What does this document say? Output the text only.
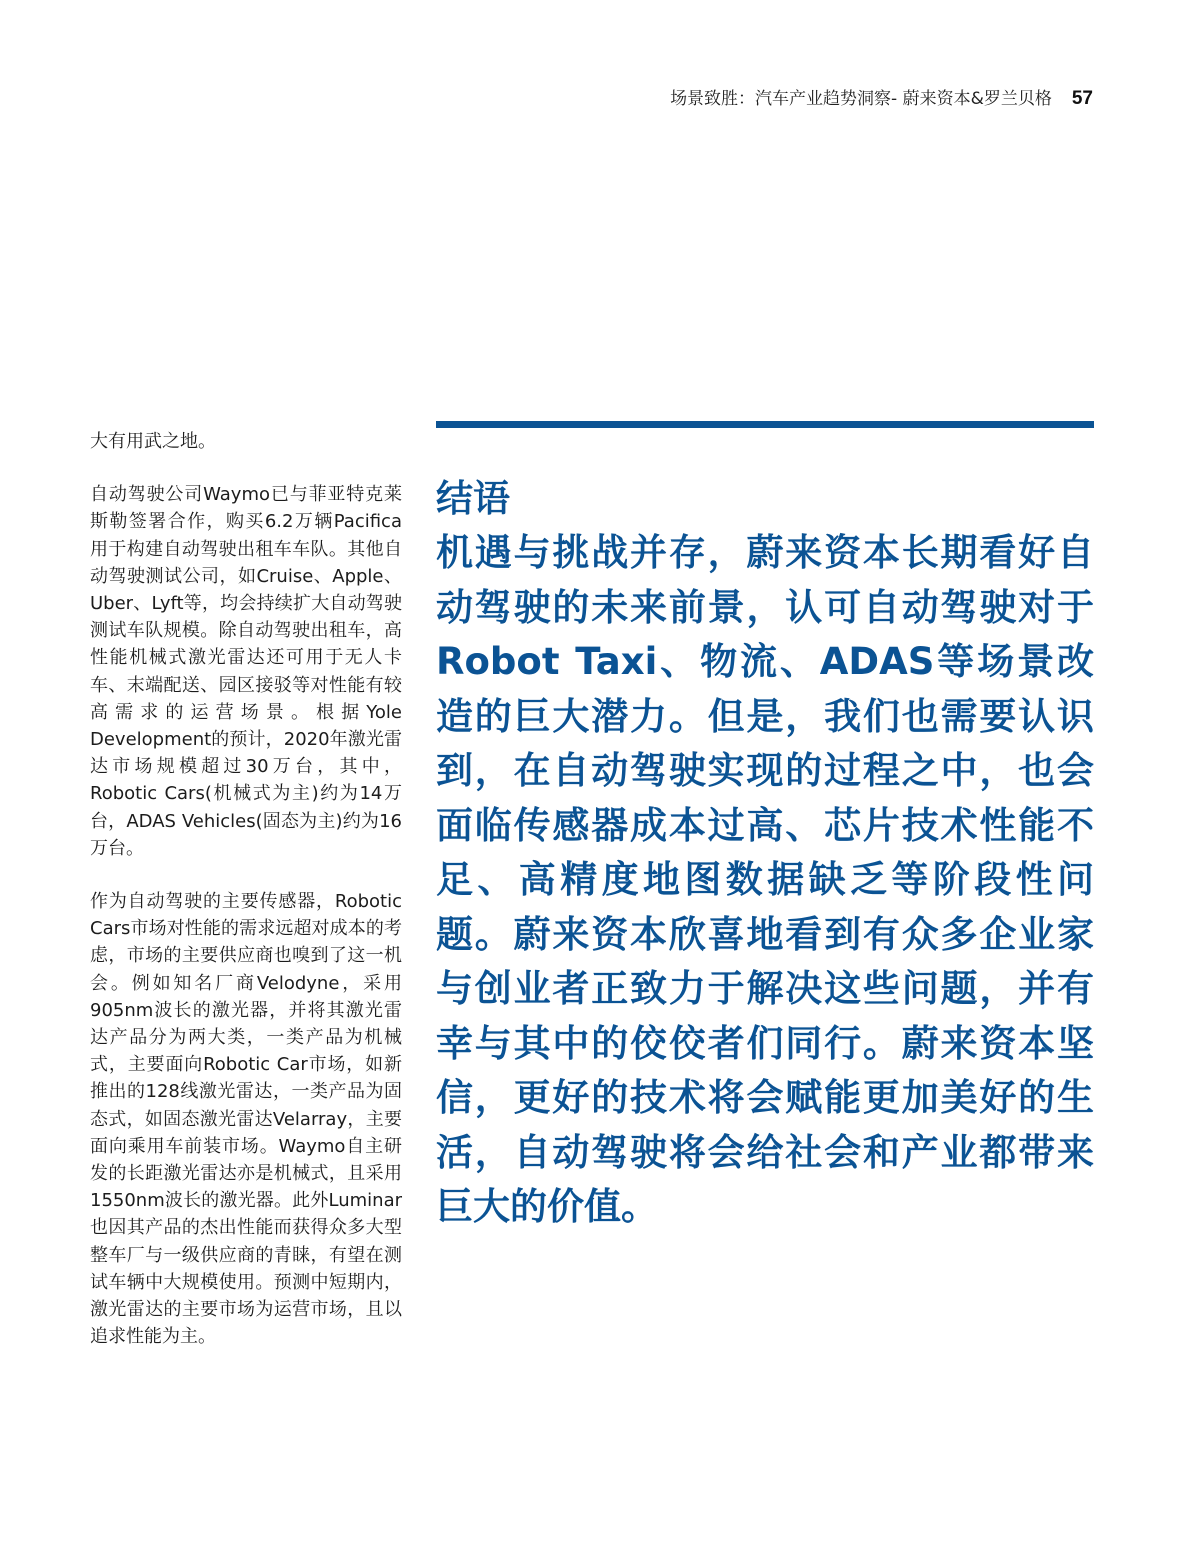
场景致胜：汽车产业趋势洞察- 蔚来资本&罗兰贝格 57

大有用武之地。

自动驾驶公司Waymo已与菲亚特克莱斯勒签署合作，购买6.2万辆Pacifica用于构建自动驾驶出租车车队。其他自动驾驶测试公司，如Cruise、Apple、Uber、Lyft等，均会持续扩大自动驾驶测试车队规模。除自动驾驶出租车，高性能机械式激光雷达还可用于无人卡车、末端配送、园区接驳等对性能有较高需求的运营场景。根据Yole Development的预计，2020年激光雷达市场规模超过30万台，其中，Robotic Cars(机械式为主)约为14万台，ADAS Vehicles(固态为主)约为16万台。

作为自动驾驶的主要传感器，Robotic Cars市场对性能的需求远超对成本的考虑，市场的主要供应商也嗅到了这一机会。例如知名厂商Velodyne，采用905nm波长的激光器，并将其激光雷达产品分为两大类，一类产品为机械式，主要面向Robotic Car市场，如新推出的128线激光雷达，一类产品为固态式，如固态激光雷达Velarray，主要面向乘用车前装市场。Waymo自主研发的长距激光雷达亦是机械式，且采用1550nm波长的激光器。此外Luminar也因其产品的杰出性能而获得众多大型整车厂与一级供应商的青睐，有望在测试车辆中大规模使用。预测中短期内，激光雷达的主要市场为运营市场，且以追求性能为主。

结语

机遇与挑战并存，蔚来资本长期看好自动驾驶的未来前景，认可自动驾驶对于Robot Taxi、物流、ADAS等场景改造的巨大潜力。但是，我们也需要认识到，在自动驾驶实现的过程之中，也会面临传感器成本过高、芯片技术性能不足、高精度地图数据缺乏等阶段性问题。蔚来资本欣喜地看到有众多企业家与创业者正致力于解决这些问题，并有幸与其中的佼佼者们同行。蔚来资本坚信，更好的技术将会赋能更加美好的生活，自动驾驶将会给社会和产业都带来巨大的价值。
